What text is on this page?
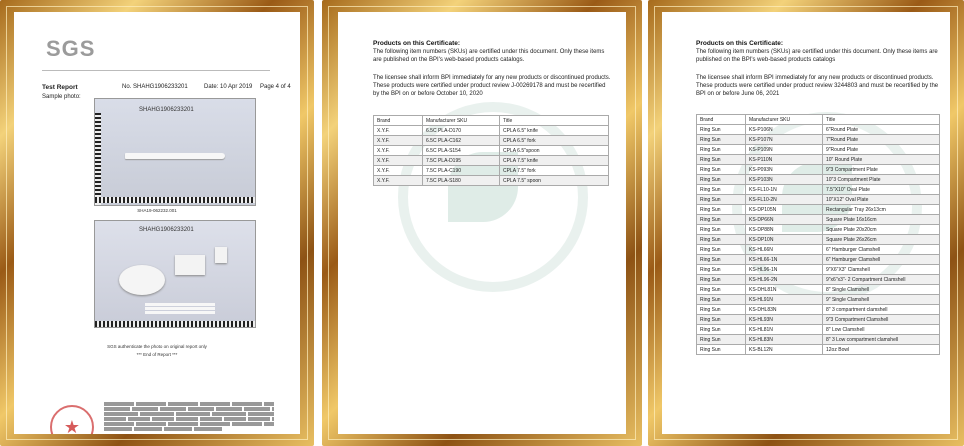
SGS
Test Report	No. SHAHG1906233201	Date: 10 Apr 2019 Page 4 of 4
Sample photo:
SHAHG1906233201
SHA19-062232.001
SHAHG1906233201
SGS authenticate the photo on original report only
*** End of Report ***
★
Products on this Certificate:
The following item numbers (SKUs) are certified under this document. Only these items are published on the BPI's web-based products catalogs.
The licensee shall inform BPI immediately for any new products or discontinued products. These products were certified under product review J-00269178 and must be recertified by the BPI on or before October 10, 2020
Brand	Manufacturer SKU	Title
X.Y.F.	6.5C PLA-D170	CPLA 6.5" knife
X.Y.F.	6.5C PLA-C162	CPLA 6.5" fork
X.Y.F.	6.5C PLA-S154	CPLA 6.5"spoon
X.Y.F.	7.5C PLA-D195	CPLA 7.5" knife
X.Y.F.	7.5C PLA-C190	CPLA 7.5" fork
X.Y.F.	7.5C PLA-S180	CPLA 7.5" spoon
Products on this Certificate:
The following item numbers (SKUs) are certified under this document. Only these items are published on the BPI's web-based products catalogs
The licensee shall inform BPI immediately for any new products or discontinued products. These products were certified under product review 3244803 and must be recertified by the BPI on or before June 06, 2021
Brand	Manufacturer SKU	Title
Ring Sun	KS-P106N	6"Round Plate
Ring Sun	KS-P107N	7"Round Plate
Ring Sun	KS-P109N	9"Round Plate
Ring Sun	KS-P110N	10" Round Plate
Ring Sun	KS-P093N	9"3 Compartment Plate
Ring Sun	KS-P103N	10"3 Compartment Plate
Ring Sun	KS-FL10-1N	7.5"X10" Oval Plate
Ring Sun	KS-FL10-2N	10"X12" Oval Plate
Ring Sun	KS-DP105N	Rectangular Tray 26x13cm
Ring Sun	KS-DP66N	Square Plate 16x16cm
Ring Sun	KS-DP88N	Square Plate 20x20cm
Ring Sun	KS-DP10N	Square Plate 26x26cm
Ring Sun	KS-HL66N	6" Hamburger Clamshell
Ring Sun	KS-HL66-1N	6" Hamburger Clamshell
Ring Sun	KS-HL96-1N	9"X6"X3" Clamshell
Ring Sun	KS-HL96-2N	9"x6"x3"- 2 Compartment Clamshell
Ring Sun	KS-DHL81N	8" Single Clamshell
Ring Sun	KS-HL91N	9" Single Clamshell
Ring Sun	KS-DHL83N	8" 3 compartment clamshell
Ring Sun	KS-HL93N	9"3 Compartment Clamshell
Ring Sun	KS-HL81N	8" Low Clamshell
Ring Sun	KS-HL83N	8" 3 Low compartment clamshell
Ring Sun	KS-BL12N	12oz Bowl
